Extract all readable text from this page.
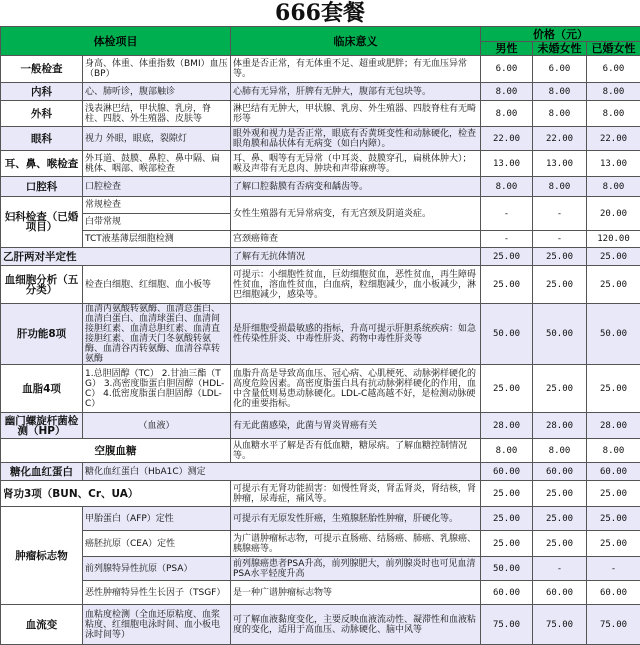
666套餐
体检项目		临床意义	价格（元）		
			男性	未婚女性	已婚女性
一般检查	身高、体重、体重指数（BMI）血压（BP）	体重是否正常，有无体重不足、超重或肥胖；有无血压异常等。	6.00	6.00	6.00
内科	心、肺听诊，腹部触诊	心肺有无异常，肝脾有无肿大，腹部有无包块等。	8.00	8.00	8.00
外科	浅表淋巴结，甲状腺、乳房，脊柱、四肢、外生殖器、皮肤等	淋巴结有无肿大，甲状腺、乳房、外生殖器、四肢脊柱有无畸形等	8.00	8.00	8.00
眼科	视力 外眼，眼底，裂隙灯	眼外观和视力是否正常，眼底有否黄斑变性和动脉硬化，检查眼角膜和晶状体有无病变（如白内障）。	22.00	22.00	22.00
耳、鼻、喉检查	外耳道、鼓膜、鼻腔、鼻中隔、扁桃体、咽部、喉部检查	耳、鼻、咽等有无异常（中耳炎、鼓膜穿孔，扁桃体肿大）；喉及声带有无息肉、肿块和声带麻痹等。	13.00	13.00	13.00
口腔科	口腔检查	了解口腔黏膜有否病变和龋齿等。	8.00	8.00	8.00
妇科检查（已婚项目）	常规检查	女性生殖器有无异常病变，有无宫颈及阴道炎症。	-	-	20.00
	白带常规				
	TCT液基薄层细胞检测	宫颈癌筛查	-	-	120.00
乙肝两对半定性		了解有无抗体情况	25.00	25.00	25.00
血细胞分析（五分类）	检查白细胞、红细胞、血小板等	可提示：小细胞性贫血，巨幼细胞贫血，恶性贫血，再生障碍性贫血，溶血性贫血，白血病，粒细胞减少，血小板减少，淋巴细胞减少，感染等。	25.00	25.00	25.00
肝功能8项	血清丙氨酸转氨酶、血清总蛋白、血清白蛋白、血清球蛋白、血清间接胆红素、血清总胆红素、血清直接胆红素、血清天门冬氨酸转氨酶、血清谷丙转氨酶、血清谷草转氨酶	是肝细胞受损最敏感的指标，升高可提示肝胆系统疾病：如急性传染性肝炎、中毒性肝炎、药物中毒性肝炎等	50.00	50.00	50.00
血脂4项	1.总胆固醇（TC） 2.甘油三酯（TG） 3.高密度脂蛋白胆固醇（HDL-C） 4.低密度脂蛋白胆固醇（LDL-C）	血脂升高是导致高血压、冠心病、心肌梗死、动脉粥样硬化的高度危险因素。高密度脂蛋白具有抗动脉粥样硬化的作用，血中含量低则易患动脉硬化。LDL-C越高越不好，是检测动脉硬化的重要指标。	25.00	25.00	25.00
幽门螺旋杆菌检测（HP）	（血液）	有无此菌感染，此菌与胃炎胃癌有关	28.00	28.00	28.00
空腹血糖		从血糖水平了解是否有低血糖，糖尿病。了解血糖控制情况等。	8.00	8.00	8.00
糖化血红蛋白	糖化血红蛋白（HbA1C）测定		60.00	60.00	60.00
肾功3项（BUN、Cr、UA）		可提示有无肾功能损害：如慢性肾炎，肾盂肾炎，肾结核，肾肿瘤，尿毒症，痛风等。	25.00	25.00	25.00
肿瘤标志物	甲胎蛋白（AFP）定性	可提示有无原发性肝癌，生殖腺胚胎性肿瘤，肝硬化等。	25.00	25.00	25.00
	癌胚抗原（CEA）定性	为广谱肿瘤标志物，可提示直肠癌、结肠癌、肺癌、乳腺癌、胰腺癌等。	25.00	25.00	25.00
	前列腺特异性抗原（PSA）	前列腺癌患者PSA升高，前列腺肥大，前列腺炎时也可见血清PSA水平轻度升高	50.00	-	-
	恶性肿瘤特异性生长因子（TSGF）	是一种广谱肿瘤标志物等	60.00	60.00	60.00
血流变	血粘度检测（全血还原粘度、血浆粘度、红细胞电泳时间、血小板电泳时间等）	可了解血液黏度变化，主要反映血液流动性、凝滞性和血液粘度的变化，适用于高血压、动脉硬化、脑中风等	75.00	75.00	75.00
